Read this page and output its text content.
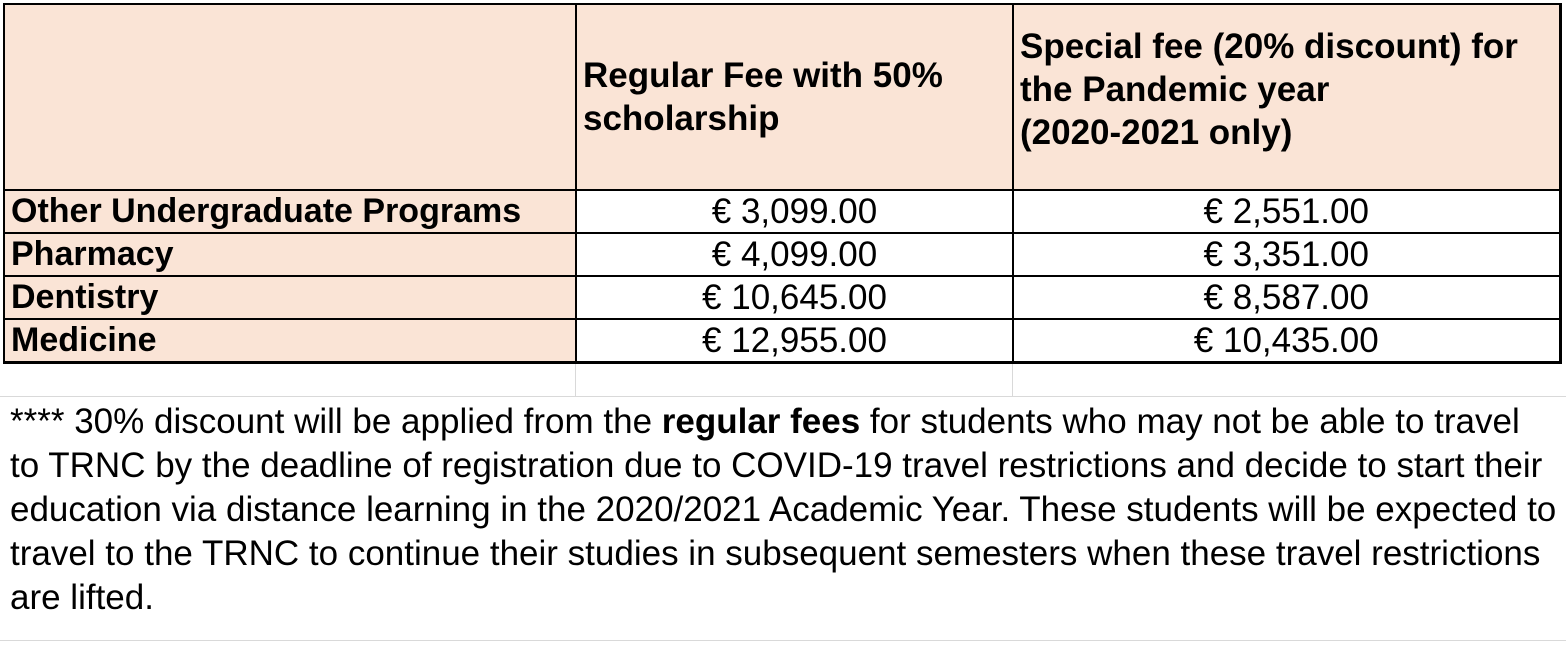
	Regular Fee with 50% scholarship	Special fee (20% discount) for
the Pandemic year
(2020-2021 only)

Other Undergraduate Programs	€ 3,099.00	€ 2,551.00
Pharmacy	€ 4,099.00	€ 3,351.00
Dentistry	€ 10,645.00	€ 8,587.00
Medicine	€ 12,955.00	€ 10,435.00
**** 30% discount will be applied from the regular fees for students who may not be able to travel to TRNC by the deadline of registration due to COVID-19 travel restrictions and decide to start their education via distance learning in the 2020/2021 Academic Year. These students will be expected to travel to the TRNC to continue their studies in subsequent semesters when these travel restrictions are lifted.
